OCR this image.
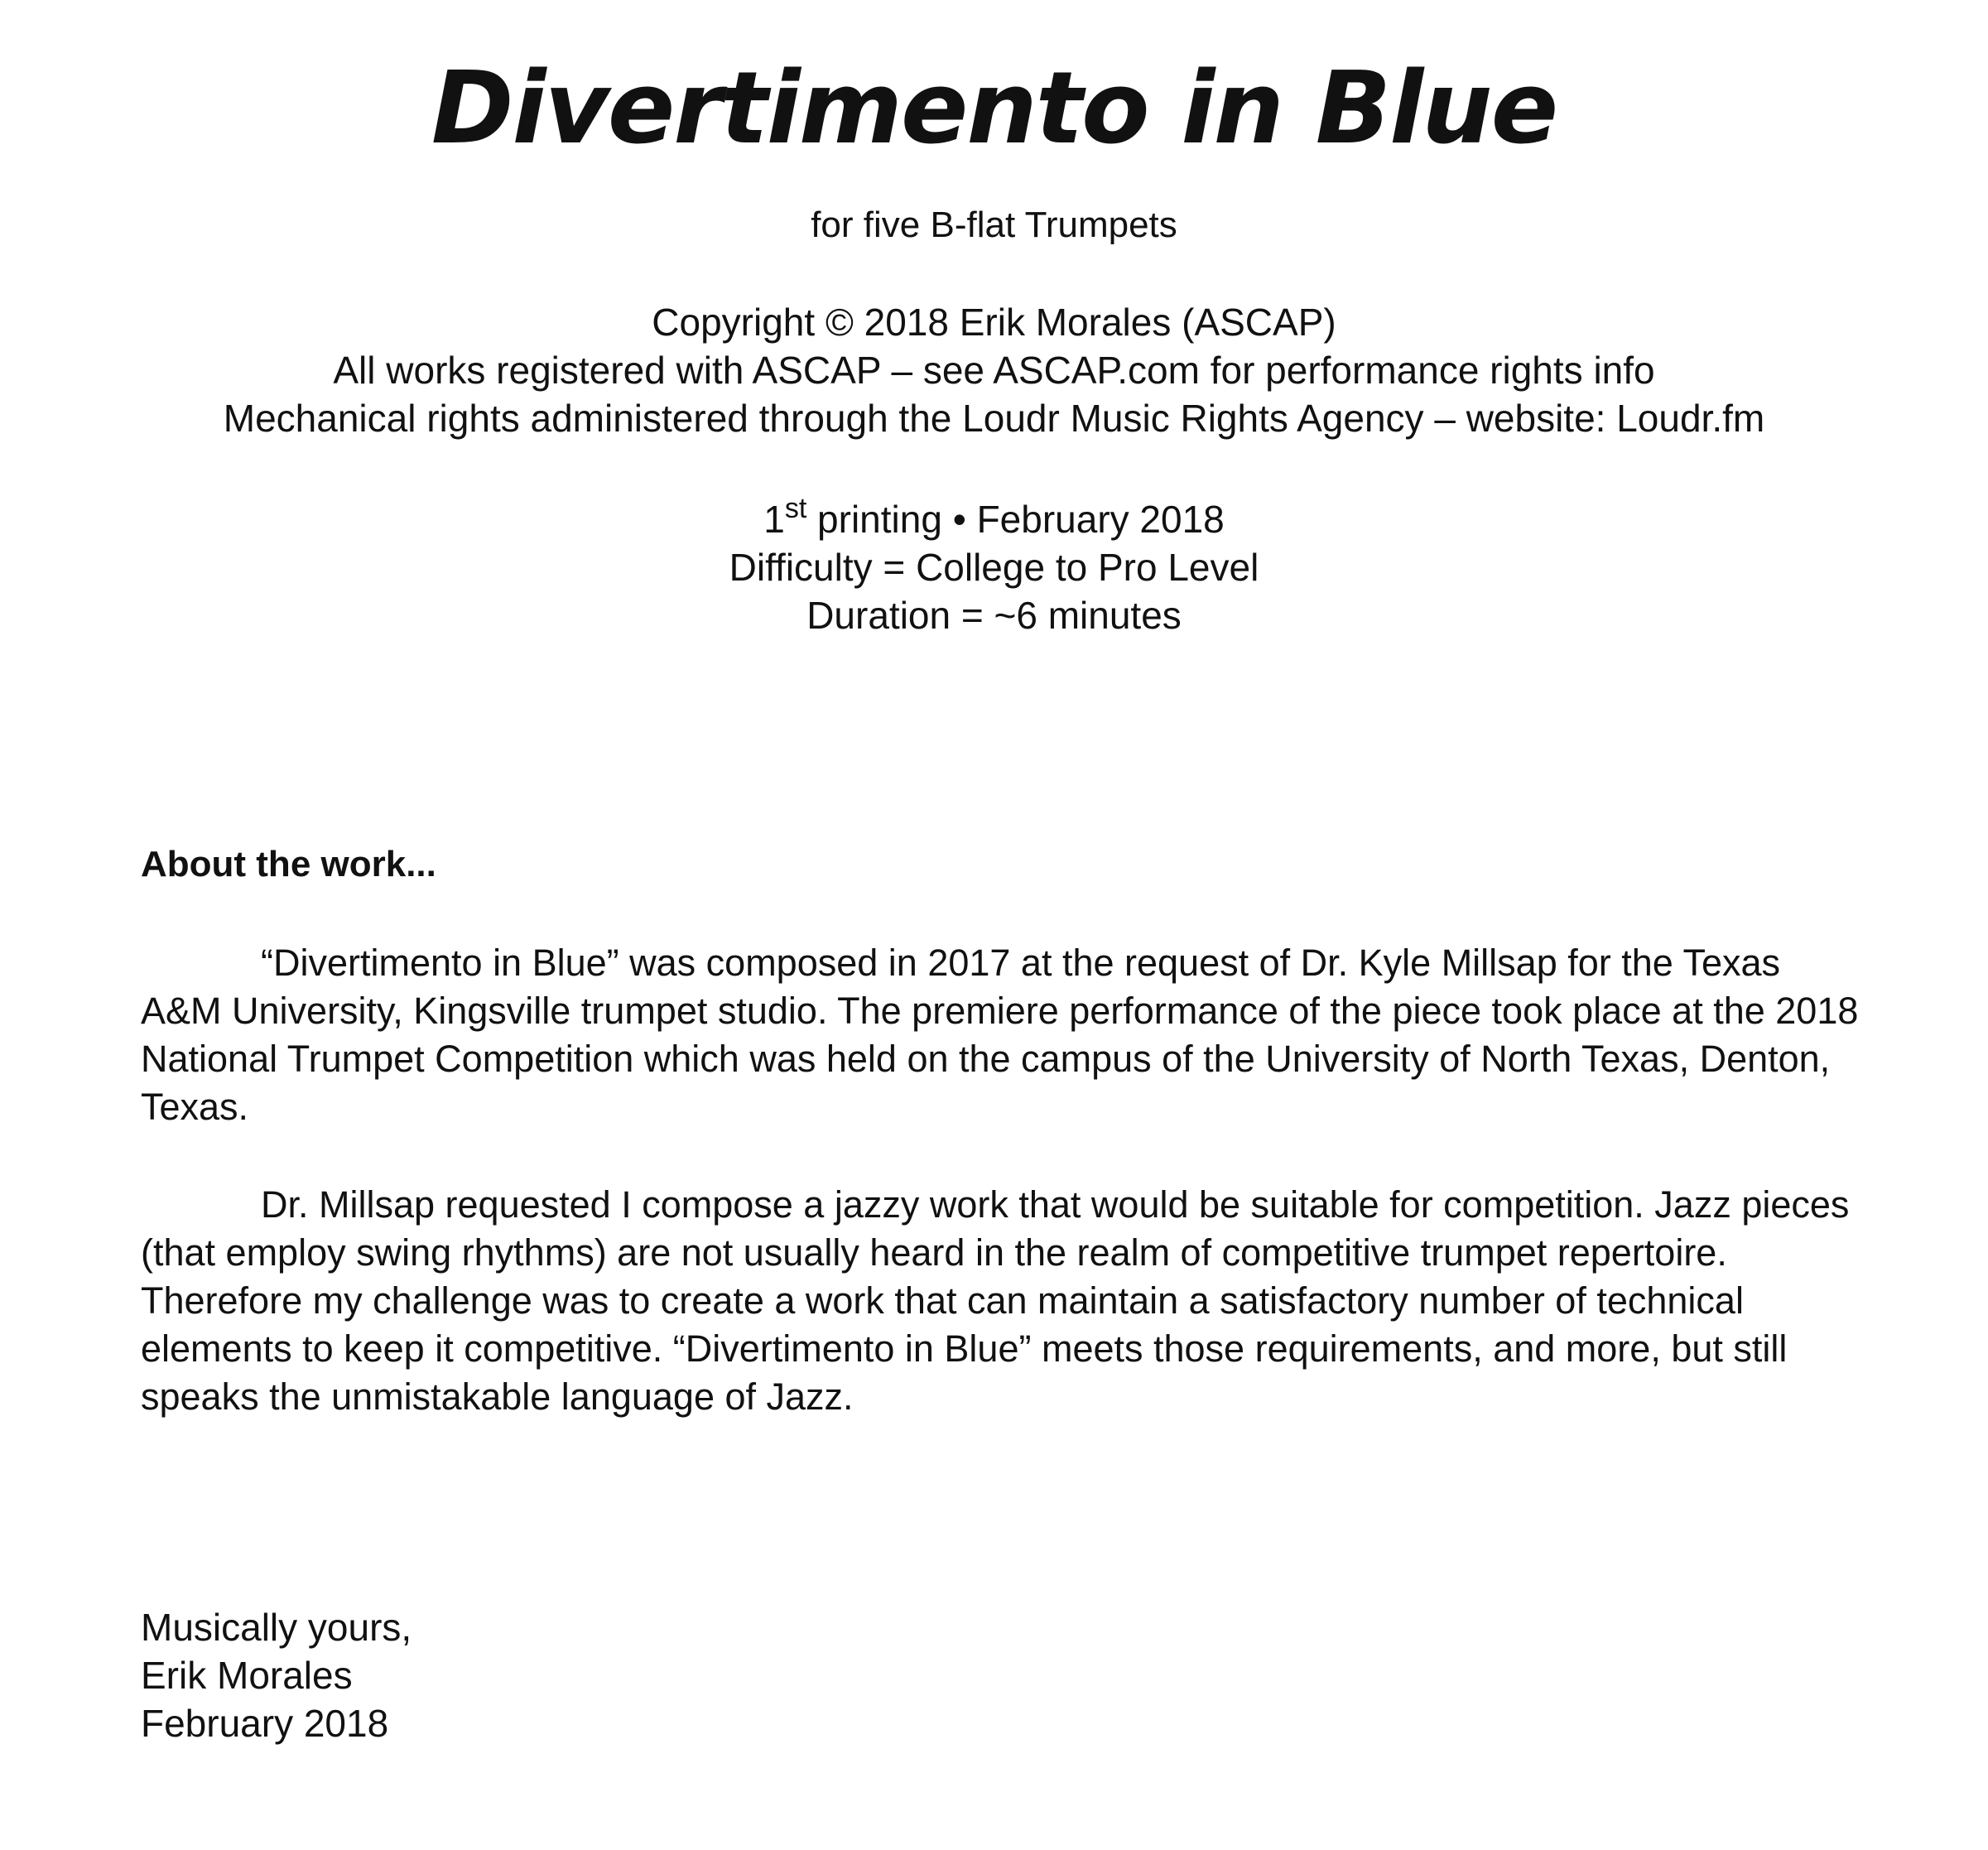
Divertimento in Blue
for five B-flat Trumpets
Copyright © 2018 Erik Morales (ASCAP)
All works registered with ASCAP – see ASCAP.com for performance rights info
Mechanical rights administered through the Loudr Music Rights Agency – website: Loudr.fm
1st printing • February 2018
Difficulty = College to Pro Level
Duration = ~6 minutes
About the work...

“Divertimento in Blue” was composed in 2017 at the request of Dr. Kyle Millsap for the Texas A&M University, Kingsville trumpet studio. The premiere performance of the piece took place at the 2018 National Trumpet Competition which was held on the campus of the University of North Texas, Denton, Texas.

Dr. Millsap requested I compose a jazzy work that would be suitable for competition. Jazz pieces (that employ swing rhythms) are not usually heard in the realm of competitive trumpet repertoire. Therefore my challenge was to create a work that can maintain a satisfactory number of technical elements to keep it competitive. “Divertimento in Blue” meets those requirements, and more, but still speaks the unmistakable language of Jazz.

Musically yours,
Erik Morales
February 2018
